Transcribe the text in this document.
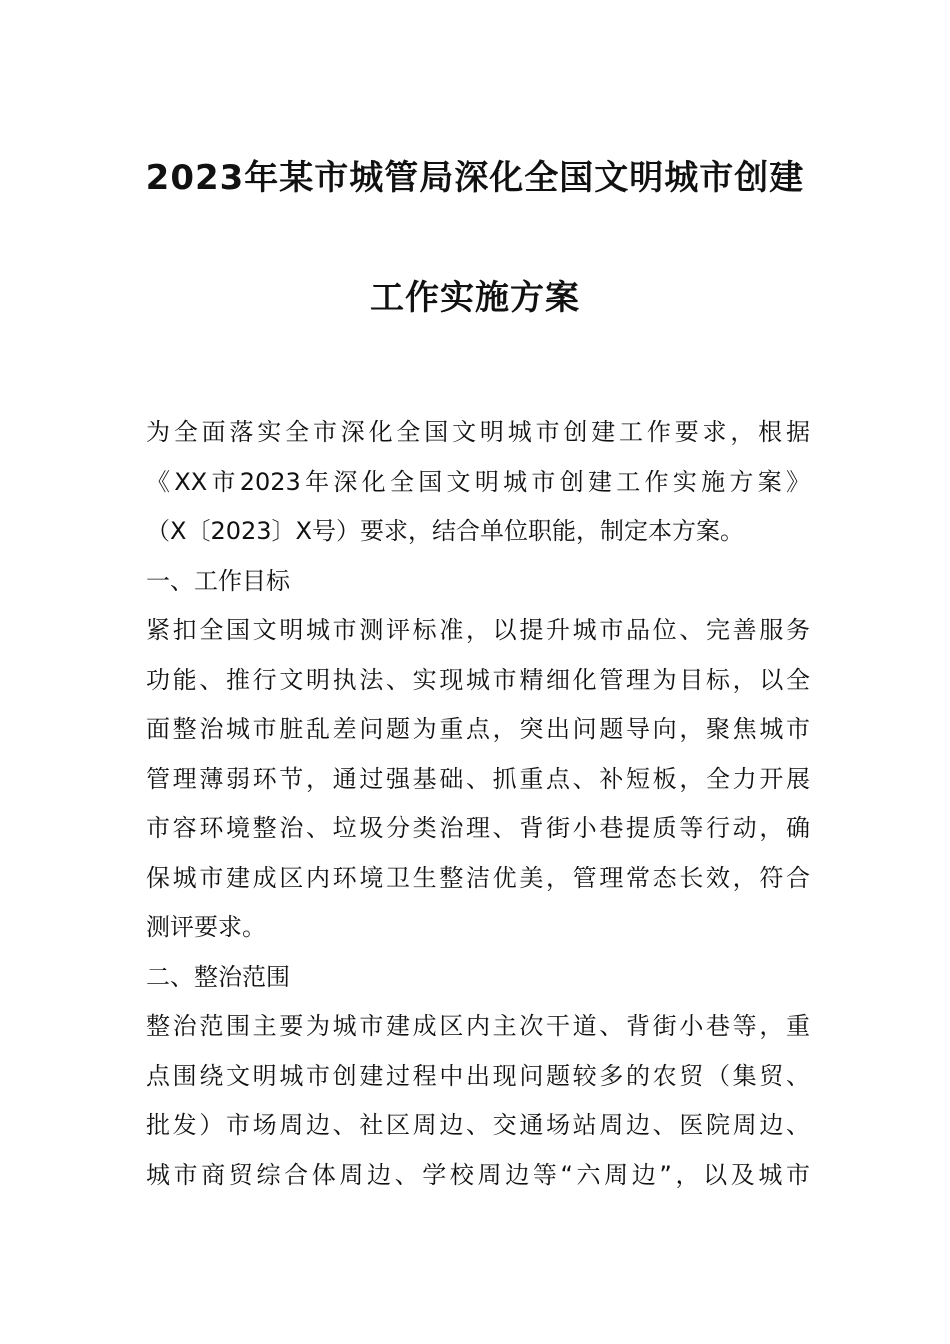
2023年某市城管局深化全国文明城市创建
工作实施方案
为全面落实全市深化全国文明城市创建工作要求，根据
《XX市2023年深化全国文明城市创建工作实施方案》
（X〔2023〕X号）要求，结合单位职能，制定本方案。
一、工作目标
紧扣全国文明城市测评标准，以提升城市品位、完善服务
功能、推行文明执法、实现城市精细化管理为目标，以全
面整治城市脏乱差问题为重点，突出问题导向，聚焦城市
管理薄弱环节，通过强基础、抓重点、补短板，全力开展
市容环境整治、垃圾分类治理、背街小巷提质等行动，确
保城市建成区内环境卫生整洁优美，管理常态长效，符合
测评要求。
二、整治范围
整治范围主要为城市建成区内主次干道、背街小巷等，重
点围绕文明城市创建过程中出现问题较多的农贸（集贸、
批发）市场周边、社区周边、交通场站周边、医院周边、
城市商贸综合体周边、学校周边等“六周边”，以及城市
